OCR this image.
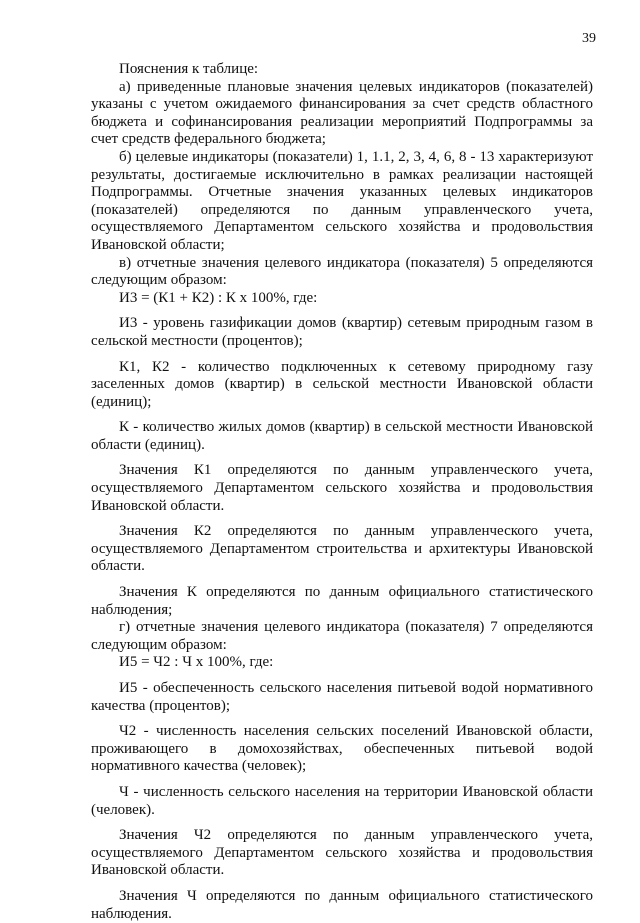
39

Пояснения к таблице:

а) приведенные плановые значения целевых индикаторов (показателей) указаны с учетом ожидаемого финансирования за счет средств областного бюджета и софинансирования реализации мероприятий Подпрограммы за счет средств федерального бюджета;

б) целевые индикаторы (показатели) 1, 1.1, 2, 3, 4, 6, 8 - 13 характеризуют результаты, достигаемые исключительно в рамках реализации настоящей Подпрограммы. Отчетные значения указанных целевых индикаторов (показателей) определяются по данным управленческого учета, осуществляемого Департаментом сельского хозяйства и продовольствия Ивановской области;

в) отчетные значения целевого индикатора (показателя) 5 определяются следующим образом:

И3 = (К1 + К2) : К х 100%, где:

И3 - уровень газификации домов (квартир) сетевым природным газом в сельской местности (процентов);

К1, К2 - количество подключенных к сетевому природному газу заселенных домов (квартир) в сельской местности Ивановской области (единиц);

К - количество жилых домов (квартир) в сельской местности Ивановской области (единиц).

Значения К1 определяются по данным управленческого учета, осуществляемого Департаментом сельского хозяйства и продовольствия Ивановской области.

Значения К2 определяются по данным управленческого учета, осуществляемого Департаментом строительства и архитектуры Ивановской области.

Значения К определяются по данным официального статистического наблюдения;

г) отчетные значения целевого индикатора (показателя) 7 определяются следующим образом:

И5 = Ч2 : Ч х 100%, где:

И5 - обеспеченность сельского населения питьевой водой нормативного качества (процентов);

Ч2 - численность населения сельских поселений Ивановской области, проживающего в домохозяйствах, обеспеченных питьевой водой нормативного качества (человек);

Ч - численность сельского населения на территории Ивановской области (человек).

Значения Ч2 определяются по данным управленческого учета, осуществляемого Департаментом сельского хозяйства и продовольствия Ивановской области.

Значения Ч определяются по данным официального статистического наблюдения.
